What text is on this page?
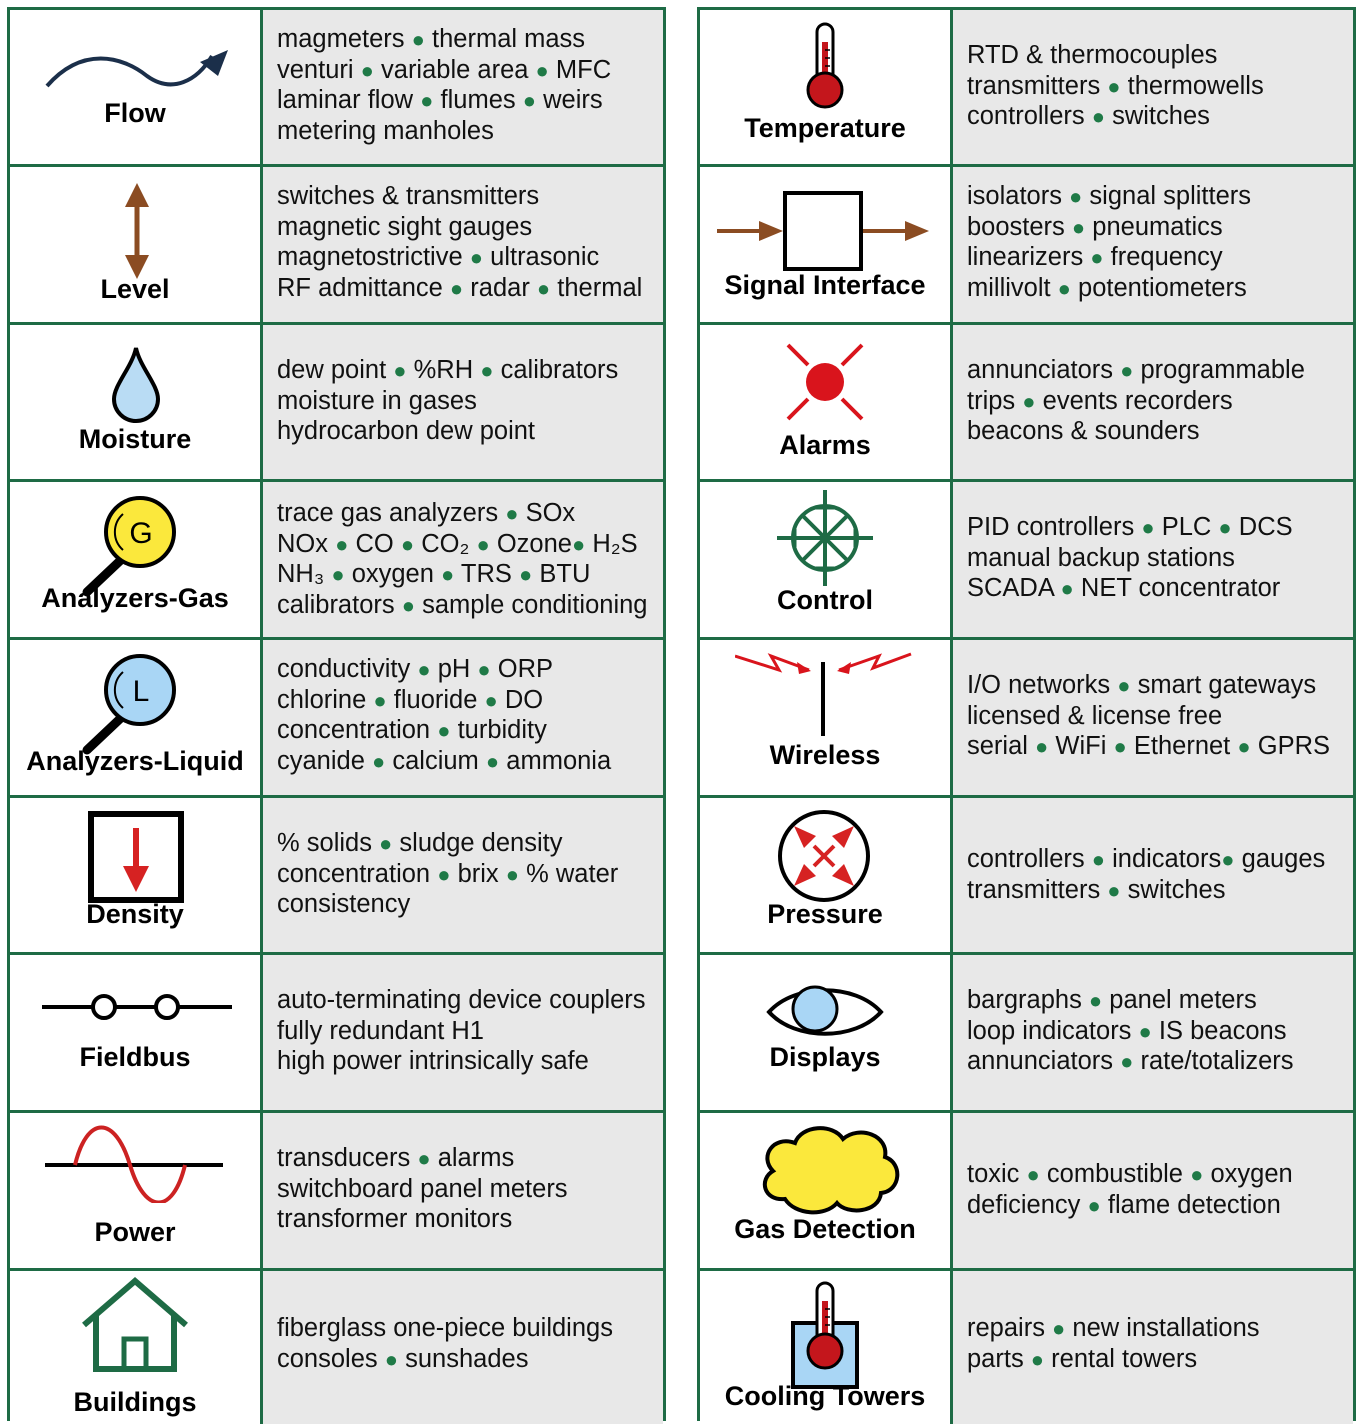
Flow
magmeters ● thermal mass
venturi ● variable area ● MFC
laminar flow ● flumes ● weirs
metering manholes
Level
switches & transmitters
magnetic sight gauges
magnetostrictive ● ultrasonic
RF admittance ● radar ● thermal
Moisture
dew point ● %RH ● calibrators
moisture in gases
hydrocarbon dew point
G
Analyzers-Gas
trace gas analyzers ● SOx
NOx ● CO ● CO₂ ● Ozone● H₂S
NH₃ ● oxygen ● TRS ● BTU
calibrators ● sample conditioning
L
Analyzers-Liquid
conductivity ● pH ● ORP
chlorine ● fluoride ● DO
concentration ● turbidity
cyanide ● calcium ● ammonia
Density
% solids ● sludge density
concentration ● brix ● % water
consistency
Fieldbus
auto-terminating device couplers
fully redundant H1
high power intrinsically safe
Power
transducers ● alarms
switchboard panel meters
transformer monitors
Buildings
fiberglass one-piece buildings
consoles ● sunshades
Temperature
RTD & thermocouples
transmitters ● thermowells
controllers ● switches
Signal Interface
isolators ● signal splitters
boosters ● pneumatics
linearizers ● frequency
millivolt ● potentiometers
Alarms
annunciators ● programmable
trips ● events recorders
beacons & sounders
Control
PID controllers ● PLC ● DCS
manual backup stations
SCADA ● NET concentrator
Wireless
I/O networks ● smart gateways
licensed & license free
serial ● WiFi ● Ethernet ● GPRS
Pressure
controllers ● indicators● gauges
transmitters ● switches
Displays
bargraphs ● panel meters
loop indicators ● IS beacons
annunciators ● rate/totalizers
Gas Detection
toxic ● combustible ● oxygen
deficiency ● flame detection
Cooling Towers
repairs ● new installations
parts ● rental towers
